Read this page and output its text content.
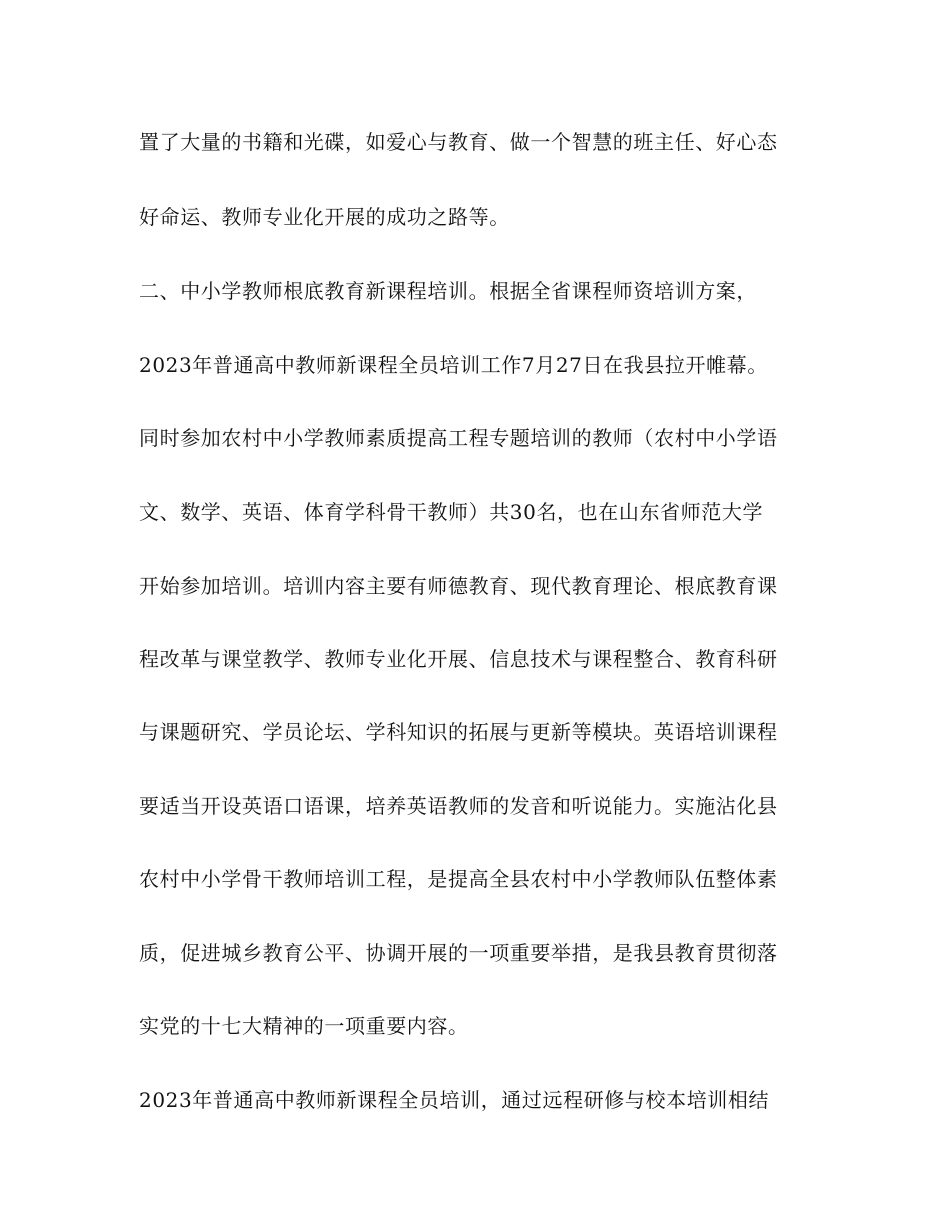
置了大量的书籍和光碟，如爱心与教育、做一个智慧的班主任、好心态

好命运、教师专业化开展的成功之路等。

二、中小学教师根底教育新课程培训。根据全省课程师资培训方案，

2023年普通高中教师新课程全员培训工作7月27日在我县拉开帷幕。

同时参加农村中小学教师素质提高工程专题培训的教师（农村中小学语

文、数学、英语、体育学科骨干教师）共30名，也在山东省师范大学

开始参加培训。培训内容主要有师德教育、现代教育理论、根底教育课

程改革与课堂教学、教师专业化开展、信息技术与课程整合、教育科研

与课题研究、学员论坛、学科知识的拓展与更新等模块。英语培训课程

要适当开设英语口语课，培养英语教师的发音和听说能力。实施沾化县

农村中小学骨干教师培训工程，是提高全县农村中小学教师队伍整体素

质，促进城乡教育公平、协调开展的一项重要举措，是我县教育贯彻落

实党的十七大精神的一项重要内容。

2023年普通高中教师新课程全员培训，通过远程研修与校本培训相结
